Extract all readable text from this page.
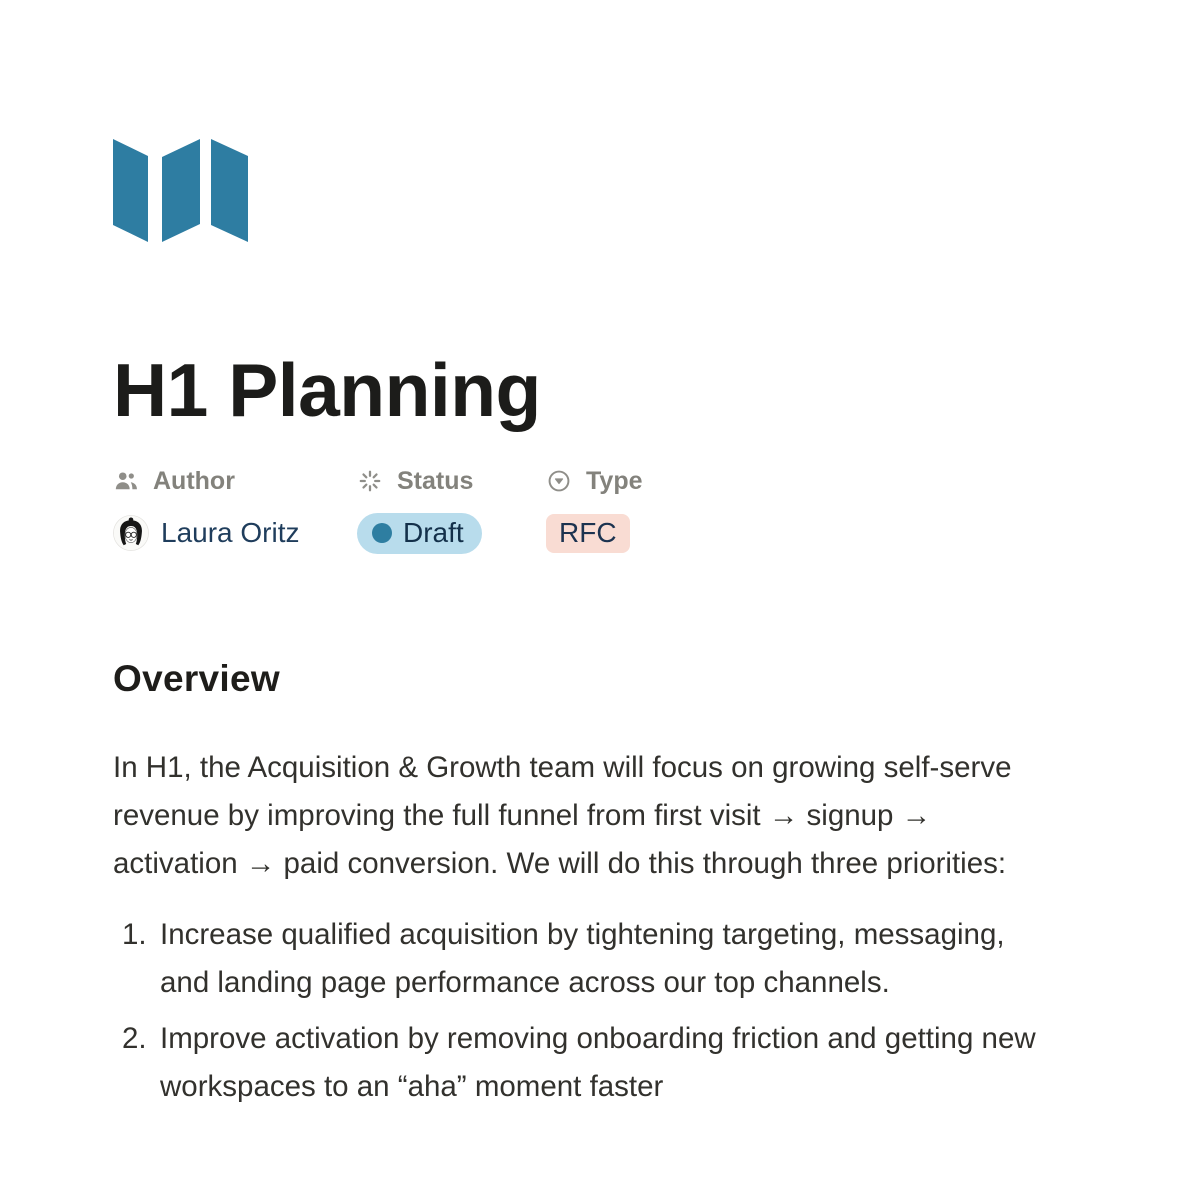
H1 Planning
Author
Laura Oritz
Status
Draft
Type
RFC
Overview

In H1, the Acquisition & Growth team will focus on growing self-serve revenue by improving the full funnel from first visit → signup → activation → paid conversion. We will do this through three priorities:

1. Increase qualified acquisition by tightening targeting, messaging, and landing page performance across our top channels.
2. Improve activation by removing onboarding friction and getting new workspaces to an “aha” moment faster
